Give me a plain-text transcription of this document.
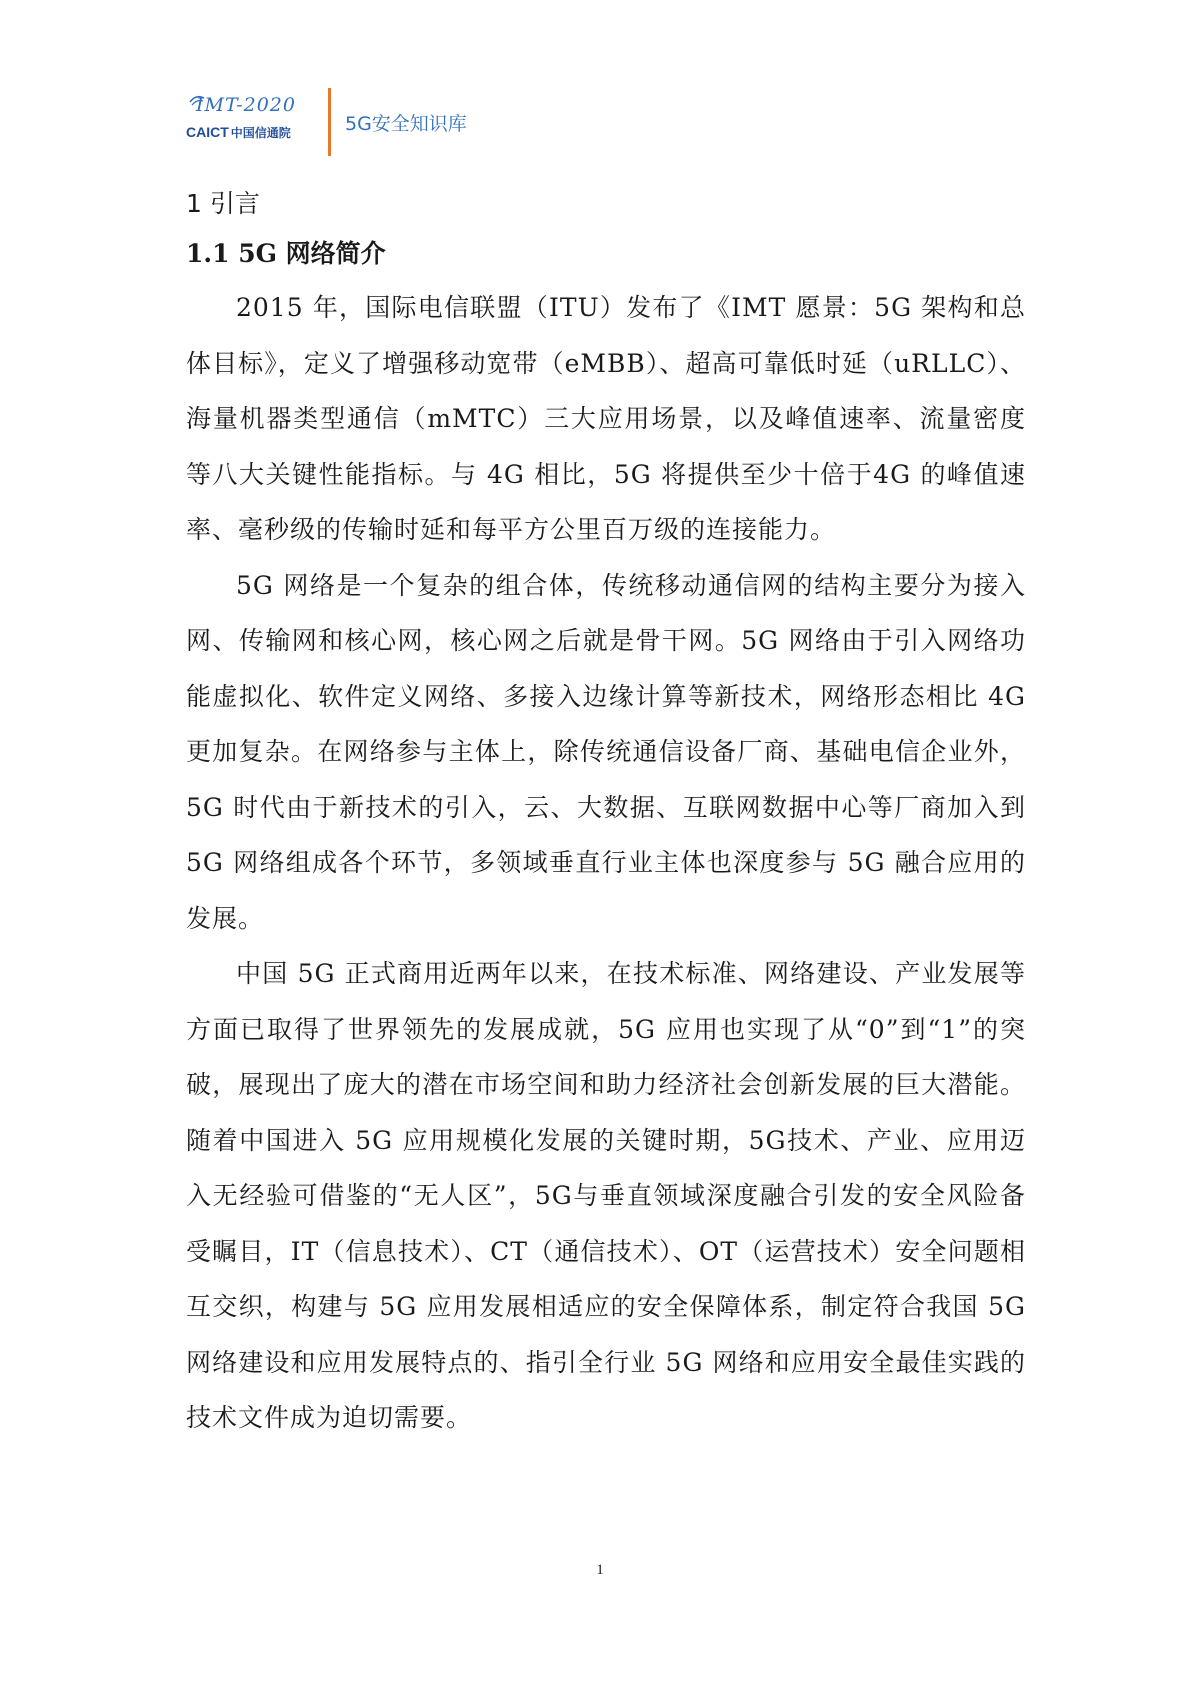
IMT-2020
CAICT 中国信通院	5G安全知识库
1 引言
1.1 5G 网络简介

2015 年，国际电信联盟（ITU）发布了《IMT 愿景：5G 架构和总体目标》，定义了增强移动宽带（eMBB）、超高可靠低时延（uRLLC）、海量机器类型通信（mMTC）三大应用场景，以及峰值速率、流量密度等八大关键性能指标。与 4G 相比，5G 将提供至少十倍于4G 的峰值速率、毫秒级的传输时延和每平方公里百万级的连接能力。

5G 网络是一个复杂的组合体，传统移动通信网的结构主要分为接入网、传输网和核心网，核心网之后就是骨干网。5G 网络由于引入网络功能虚拟化、软件定义网络、多接入边缘计算等新技术，网络形态相比 4G 更加复杂。在网络参与主体上，除传统通信设备厂商、基础电信企业外，5G 时代由于新技术的引入，云、大数据、互联网数据中心等厂商加入到 5G 网络组成各个环节，多领域垂直行业主体也深度参与 5G 融合应用的发展。

中国 5G 正式商用近两年以来，在技术标准、网络建设、产业发展等方面已取得了世界领先的发展成就，5G 应用也实现了从“0”到“1”的突破，展现出了庞大的潜在市场空间和助力经济社会创新发展的巨大潜能。随着中国进入 5G 应用规模化发展的关键时期，5G技术、产业、应用迈入无经验可借鉴的“无人区”，5G与垂直领域深度融合引发的安全风险备受瞩目，IT（信息技术）、CT（通信技术）、OT（运营技术）安全问题相互交织，构建与 5G 应用发展相适应的安全保障体系，制定符合我国 5G 网络建设和应用发展特点的、指引全行业 5G 网络和应用安全最佳实践的技术文件成为迫切需要。

1
